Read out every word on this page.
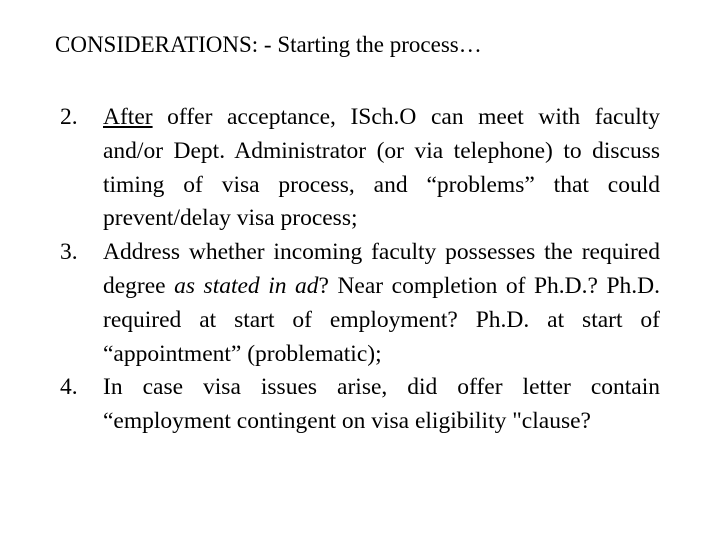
CONSIDERATIONS: - Starting the process…
2. After offer acceptance, ISch.O can meet with faculty and/or Dept. Administrator (or via telephone) to discuss timing of visa process, and “problems” that could prevent/delay visa process;
3. Address whether incoming faculty possesses the required degree as stated in ad? Near completion of Ph.D.? Ph.D. required at start of employment? Ph.D. at start of “appointment” (problematic);
4. In case visa issues arise, did offer letter contain “employment contingent on visa eligibility "clause?
